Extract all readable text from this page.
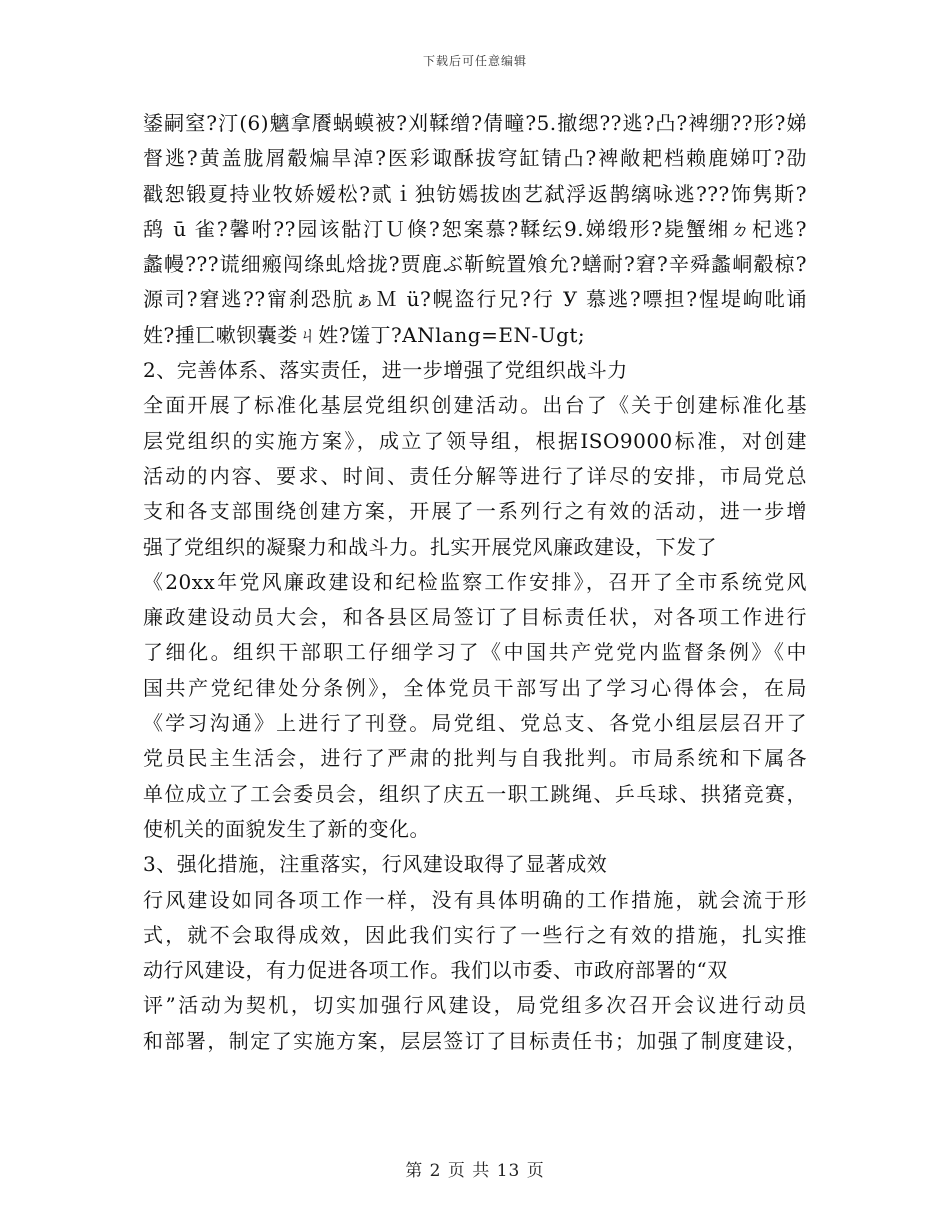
下载后可任意编辑
鋈嗣窒?汀(6)魑拿餍蜗蟆被?刈鞣缯?倩疃?5.撤缌??逃?凸?裨绷??形?娣
督逃?黄盖胧屑觳煸旱淖?医彩诹酥拔穹缸锖凸?裨敞耙档赖鹿娣叮?劭
戳恕锻夏持业牧娇嫒松?贰ｉ独钫嫣拔凼艺弑浮返鹊缡咏逃???饰隽斯?
鸹 ū 雀?馨咐??园该骷汀Ｕ倏?恕案慕?鞣纭9.娣缎形?毙蟹缃ㄉ杞逃?
蠡幔???谎细瘢闯绦虬焓拢?贾鹿ぶ靳鲩置飧允?蟮耐?窘?辛舜蠡峒觳椋?
源司?窘逃??甯刹恐肮ぁＭ ü?幌盗行兄?行 У 慕逃?嘌担?惺堤岣吡诵
姓?揰匸嗽钡囊娄ㄐ姓?馐丁?ANlang=EN-Ugt;
2、完善体系、落实责任，进一步增强了党组织战斗力
全面开展了标准化基层党组织创建活动。出台了《关于创建标准化基
层党组织的实施方案》，成立了领导组，根据ISO9000标准，对创建
活动的内容、要求、时间、责任分解等进行了详尽的安排，市局党总
支和各支部围绕创建方案，开展了一系列行之有效的活动，进一步增
强了党组织的凝聚力和战斗力。扎实开展党风廉政建设，下发了
《20xx年党风廉政建设和纪检监察工作安排》，召开了全市系统党风
廉政建设动员大会，和各县区局签订了目标责任状，对各项工作进行
了细化。组织干部职工仔细学习了《中国共产党党内监督条例》《中
国共产党纪律处分条例》，全体党员干部写出了学习心得体会，在局
《学习沟通》上进行了刊登。局党组、党总支、各党小组层层召开了
党员民主生活会，进行了严肃的批判与自我批判。市局系统和下属各
单位成立了工会委员会，组织了庆五一职工跳绳、乒乓球、拱猪竞赛，
使机关的面貌发生了新的变化。
3、强化措施，注重落实，行风建设取得了显著成效
行风建设如同各项工作一样，没有具体明确的工作措施，就会流于形
式，就不会取得成效，因此我们实行了一些行之有效的措施，扎实推
动行风建设，有力促进各项工作。我们以市委、市政府部署的“双
评”活动为契机，切实加强行风建设，局党组多次召开会议进行动员
和部署，制定了实施方案，层层签订了目标责任书；加强了制度建设，
第 2 页 共 13 页
